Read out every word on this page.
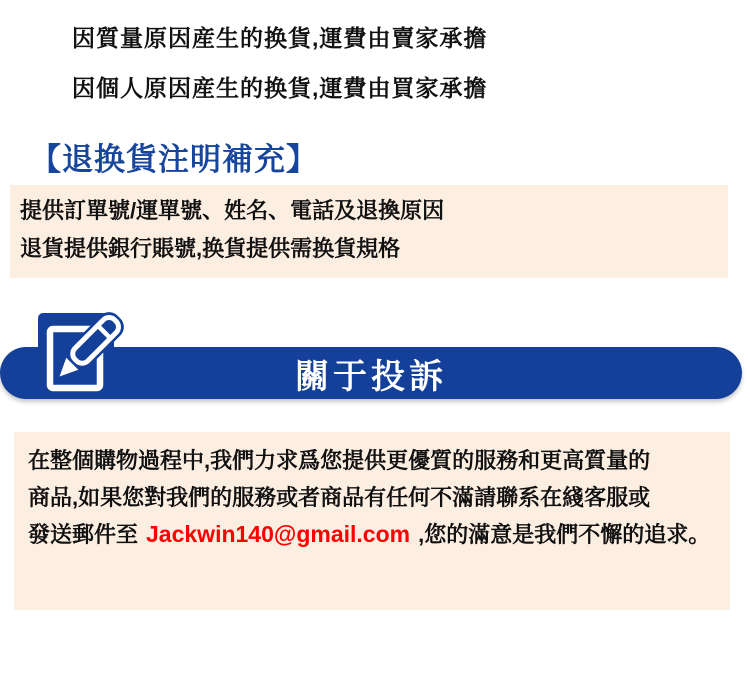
因質量原因産生的换貨,運費由賣家承擔
因個人原因産生的换貨,運費由買家承擔
【退换貨注明補充】
提供訂單號/運單號、姓名、電話及退換原因
退貨提供銀行賬號,换貨提供需换貨規格
關于投訴
在整個購物過程中,我們力求爲您提供更優質的服務和更高質量的
商品,如果您對我們的服務或者商品有任何不滿請聯系在綫客服或
發送郵件至 Jackwin140@gmail.com ,您的滿意是我們不懈的追求。
